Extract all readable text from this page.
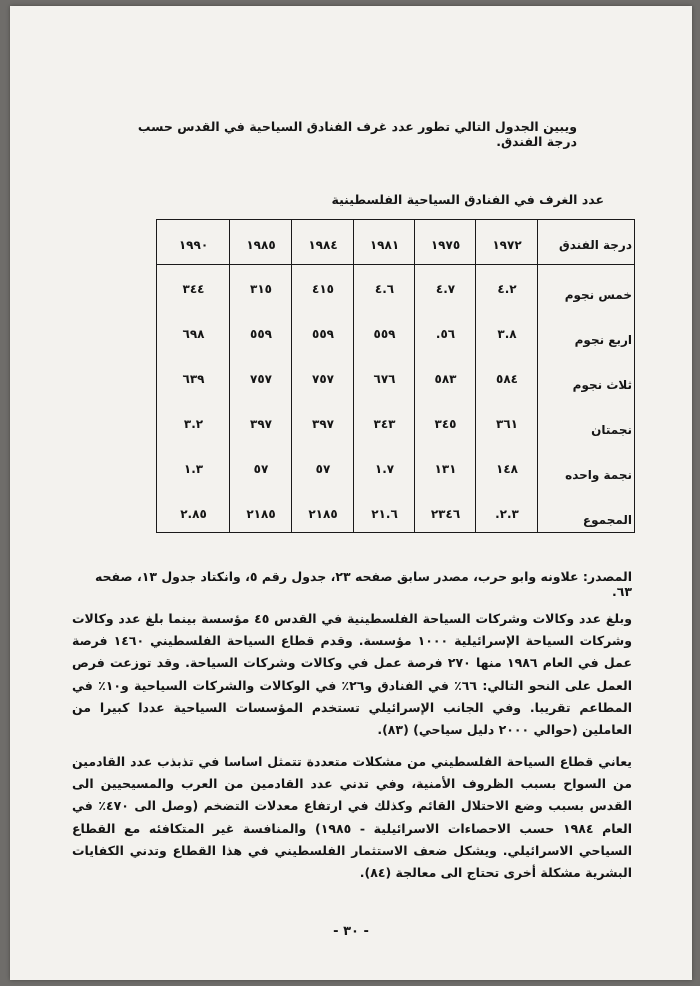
ويبين الجدول التالي تطور عدد غرف الفنادق السياحية في القدس حسب درجة الفندق.
عدد الغرف في الفنادق السياحية الفلسطينية
درجة الفندق
١٩٧٢
١٩٧٥
١٩٨١
١٩٨٤
١٩٨٥
١٩٩٠
خمس نجوم
٤.٢
٤.٧
٤.٦
٤١٥
٣١٥
٣٤٤
اربع نجوم
٣.٨
٥٦.
٥٥٩
٥٥٩
٥٥٩
٦٩٨
ثلاث نجوم
٥٨٤
٥٨٣
٦٧٦
٧٥٧
٧٥٧
٦٣٩
نجمتان
٣٦١
٣٤٥
٣٤٣
٣٩٧
٣٩٧
٣.٢
نجمة واحده
١٤٨
١٣١
١.٧
٥٧
٥٧
١.٣
المجموع
٢.٣.
٢٣٤٦
٢١.٦
٢١٨٥
٢١٨٥
٢.٨٥
المصدر: علاونه وابو حرب، مصدر سابق صفحه ٢٣، جدول رقم ٥، وانكتاد جدول ١٣، صفحه ٦٣.
وبلغ عدد وكالات وشركات السياحة الفلسطينية في القدس ٤٥ مؤسسة بينما بلغ عدد وكالات وشركات السياحة الإسرائيلية ١٠٠٠ مؤسسة. وقدم قطاع السياحة الفلسطيني ١٤٦٠ فرصة عمل في العام ١٩٨٦ منها ٢٧٠ فرصة عمل في وكالات وشركات السياحة. وقد توزعت فرص العمل على النحو التالي: ٦٦٪ في الفنادق و٢٦٪ في الوكالات والشركات السياحية و١٠٪ في المطاعم تقريبا. وفي الجانب الإسرائيلي تستخدم المؤسسات السياحية عددا كبيرا من العاملين (حوالي ٢٠٠٠ دليل سياحي) (٨٣).
يعاني قطاع السياحة الفلسطيني من مشكلات متعددة تتمثل اساسا في تذبذب عدد القادمين من السواح بسبب الظروف الأمنية، وفي تدني عدد القادمين من العرب والمسيحيين الى القدس بسبب وضع الاحتلال القائم وكذلك في ارتفاع معدلات التضخم (وصل الى ٤٧٠٪ في العام ١٩٨٤ حسب الاحصاءات الاسرائيلية - ١٩٨٥) والمنافسة غير المتكافئه مع القطاع السياحي الاسرائيلي. ويشكل ضعف الاستثمار الفلسطيني في هذا القطاع وتدني الكفايات البشرية مشكلة أخرى تحتاج الى معالجة (٨٤).
- ٣٠ -
